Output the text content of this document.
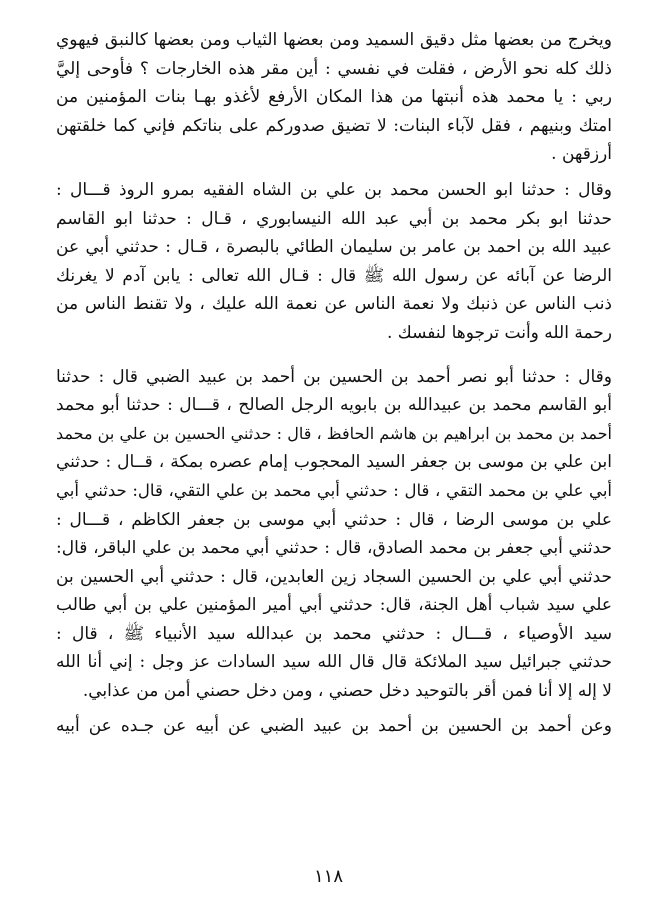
ويخرج من بعضها مثل دقيق السميد ومن بعضها الثياب ومن بعضها كالنبق فيهوي
ذلك كله نحو الأرض ، فقلت في نفسي : أين مقر هذه الخارجات ؟ فأوحى إليَّ
ربي : يا محمد هذه أنبتها من هذا المكان الأرفع لأغذو بهـا بنات المؤمنين من
امتك وبنيهم ، فقل لآباء البنات: لا تضيق صدوركم على بناتكم فإني كما خلقتهن
أرزقهن .
وقال : حدثنا ابو الحسن محمد بن علي بن الشاه الفقيه بمرو الروذ قـــال :
حدثنا ابو بكر محمد بن أبي عبد الله النيسابوري ، قـال : حدثنا ابو القاسم
عبيد الله بن احمد بن عامر بن سليمان الطائي بالبصرة ، قـال : حدثني أبي عن
الرضا عن آبائه عن رسول الله ﷺ قال : قـال الله تعالى : يابن آدم لا يغرنك
ذنب الناس عن ذنبك ولا نعمة الناس عن نعمة الله عليك ، ولا تقنط الناس من
رحمة الله وأنت ترجوها لنفسك .
وقال : حدثنا أبو نصر أحمد بن الحسين بن أحمد بن عبيد الضبي قال : حدثنا
أبو القاسم محمد بن عبيدالله بن بابويه الرجل الصالح ، قـــال : حدثنا أبو محمد
أحمد بن محمد بن ابراهيم بن هاشم الحافظ ، قال : حدثني الحسين بن علي بن محمد
ابن علي بن موسى بن جعفر السيد المحجوب إمام عصره بمكة ، قــال : حدثني
أبي علي بن محمد التقي ، قال : حدثني أبي محمد بن علي التقي، قال: حدثني أبي
علي بن موسى الرضا ، قال : حدثني أبي موسى بن جعفر الكاظم ، قـــال :
حدثني أبي جعفر بن محمد الصادق، قال : حدثني أبي محمد بن علي الباقر، قال:
حدثني أبي علي بن الحسين السجاد زين العابدين، قال : حدثني أبي الحسين بن
علي سيد شباب أهل الجنة، قال: حدثني أبي أمير المؤمنين علي بن أبي طالب
سيد الأوصياء ، قـــال : حدثني محمد بن عبدالله سيد الأنبياء ﷺ ، قال :
حدثني جبرائيل سيد الملائكة قال قال الله سيد السادات عز وجل : إني أنا الله
لا إله إلا أنا فمن أقر بالتوحيد دخل حصني ، ومن دخل حصني أمن من عذابي.
وعن أحمد بن الحسين بن أحمد بن عبيد الضبي عن أبيه عن جـده عن أبيه
١١٨
